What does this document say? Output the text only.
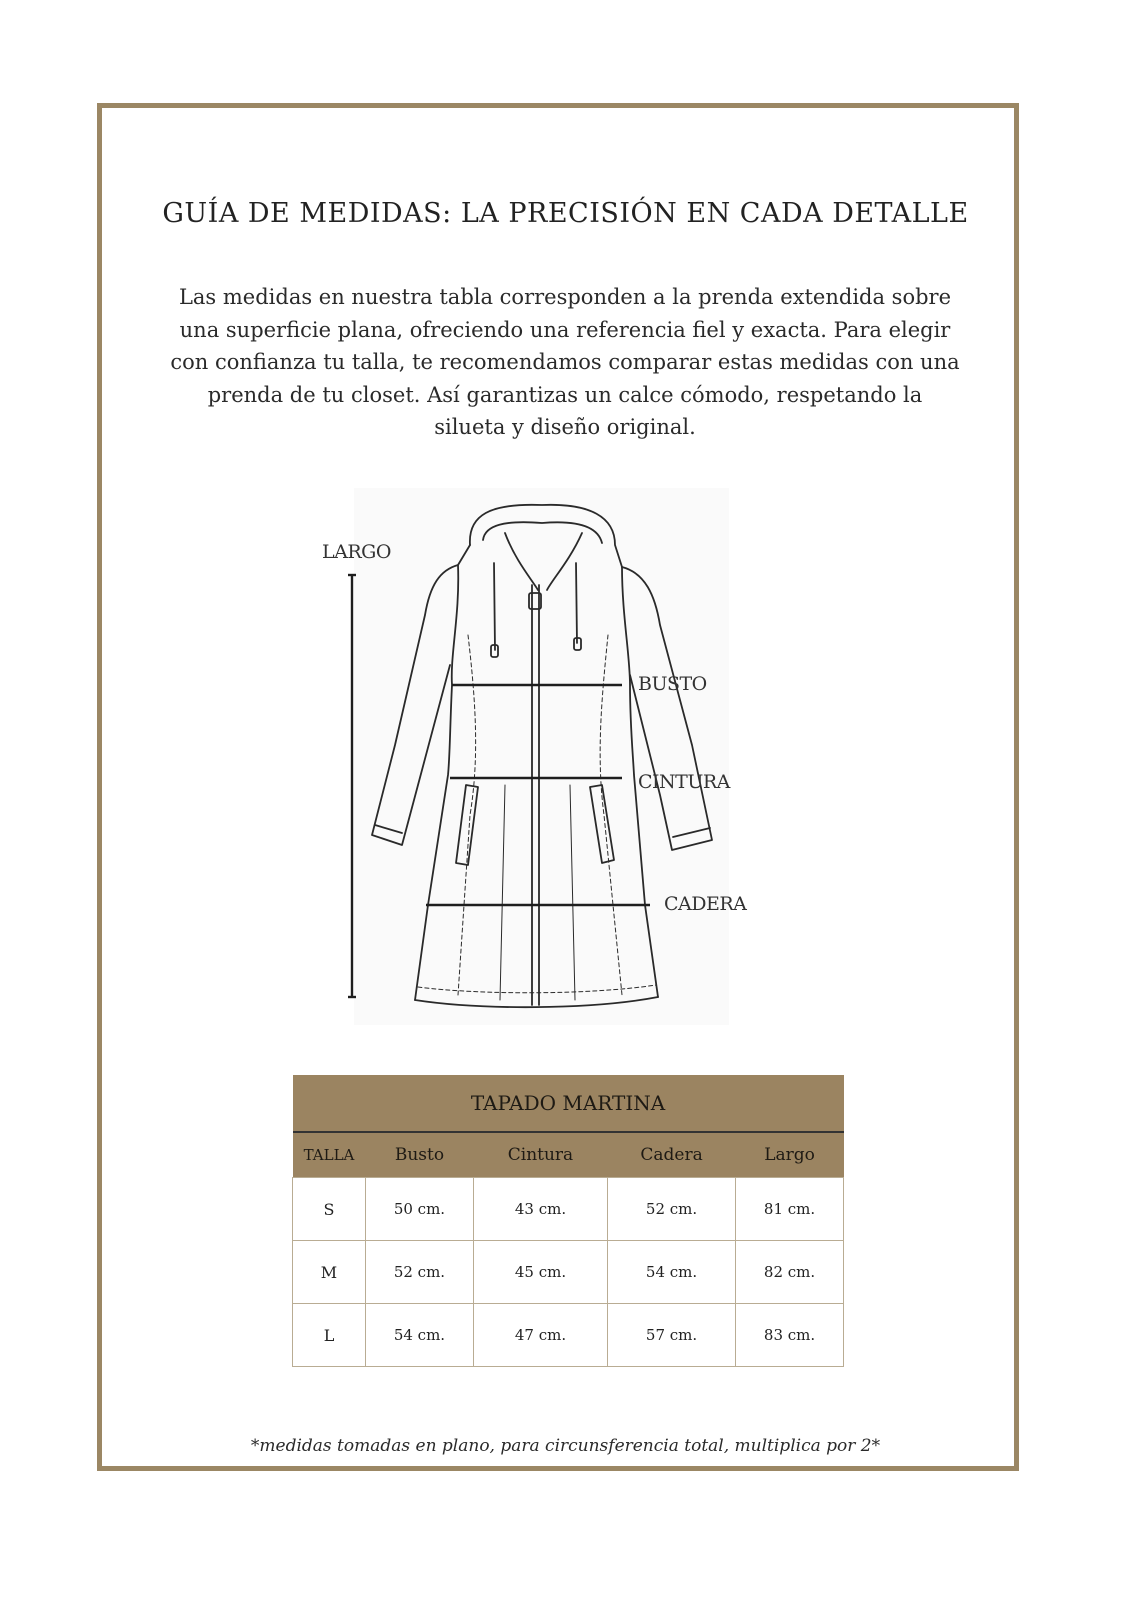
GUÍA DE MEDIDAS: LA PRECISIÓN EN CADA DETALLE
Las medidas en nuestra tabla corresponden a la prenda extendida sobre una superficie plana, ofreciendo una referencia fiel y exacta. Para elegir con confianza tu talla, te recomendamos comparar estas medidas con una prenda de tu closet. Así garantizas un calce cómodo, respetando la silueta y diseño original.
LARGO
BUSTO
CINTURA
CADERA
TAPADO MARTINA				
TALLA	Busto	Cintura	Cadera	Largo
S	50 cm.	43 cm.	52 cm.	81 cm.
M	52 cm.	45 cm.	54 cm.	82 cm.
L	54 cm.	47 cm.	57 cm.	83 cm.
*medidas tomadas en plano, para circunsferencia total, multiplica por 2*
